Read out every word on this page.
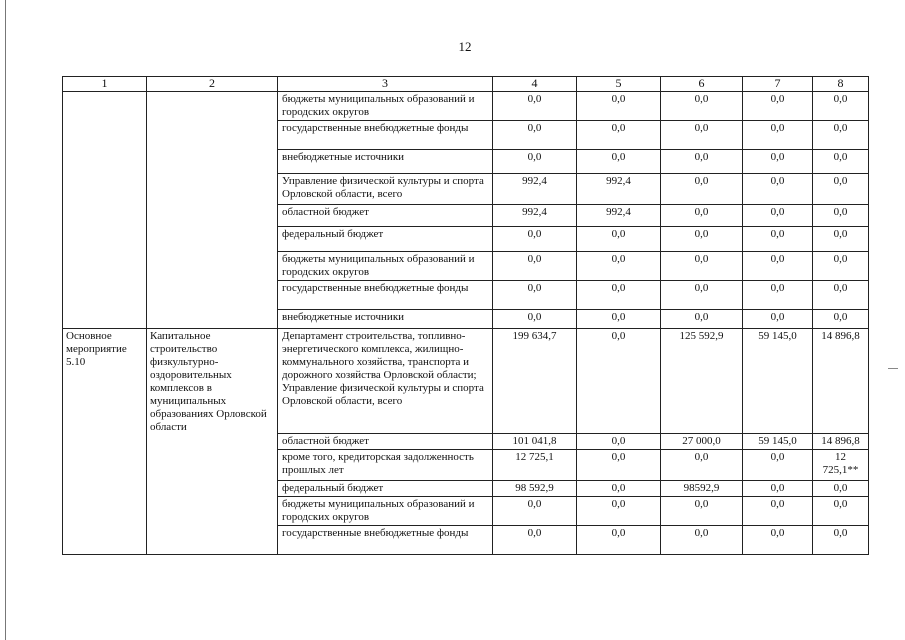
12
1	2	3	4	5	6	7	8
		бюджеты муниципальных образований и городских округов	0,0	0,0	0,0	0,0	0,0
		государственные внебюджетные фонды	0,0	0,0	0,0	0,0	0,0
		внебюджетные источники	0,0	0,0	0,0	0,0	0,0
		Управление физической культуры и спорта Орловской области, всего	992,4	992,4	0,0	0,0	0,0
		областной бюджет	992,4	992,4	0,0	0,0	0,0
		федеральный бюджет	0,0	0,0	0,0	0,0	0,0
		бюджеты муниципальных образований и городских округов	0,0	0,0	0,0	0,0	0,0
		государственные внебюджетные фонды	0,0	0,0	0,0	0,0	0,0
		внебюджетные источники	0,0	0,0	0,0	0,0	0,0
Основное мероприятие 5.10	Капитальное строительство физкультурно-оздоровительных комплексов в муниципальных образованиях Орловской области	Департамент строительства, топливно-энергетического комплекса, жилищно-коммунального хозяйства, транспорта и дорожного хозяйства Орловской области; Управление физической культуры и спорта Орловской области, всего	199 634,7	0,0	125 592,9	59 145,0	14 896,8
		областной бюджет	101 041,8	0,0	27 000,0	59 145,0	14 896,8
		кроме того, кредиторская задолженность прошлых лет	12 725,1	0,0	0,0	0,0	12 725,1**
		федеральный бюджет	98 592,9	0,0	98592,9	0,0	0,0
		бюджеты муниципальных образований и городских округов	0,0	0,0	0,0	0,0	0,0
		государственные внебюджетные фонды	0,0	0,0	0,0	0,0	0,0
